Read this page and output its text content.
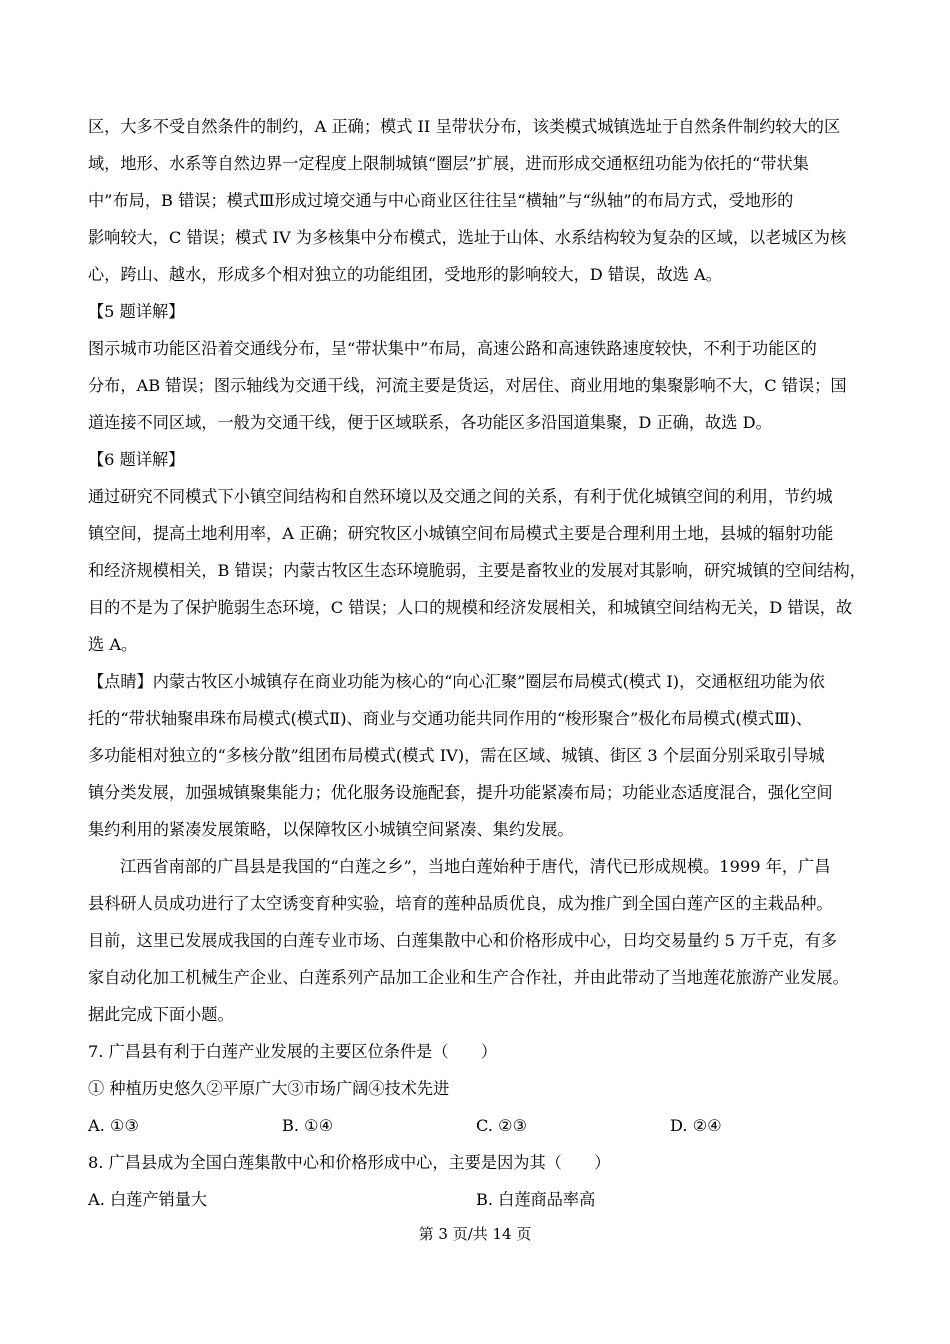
区，大多不受自然条件的制约，A 正确；模式 II 呈带状分布，该类模式城镇选址于自然条件制约较大的区
域，地形、水系等自然边界一定程度上限制城镇“圈层”扩展，进而形成交通枢纽功能为依托的“带状集
中”布局，B 错误；模式Ⅲ形成过境交通与中心商业区往往呈“横轴”与“纵轴”的布局方式，受地形的
影响较大，C 错误；模式 IV 为多核集中分布模式，选址于山体、水系结构较为复杂的区域，以老城区为核
心，跨山、越水，形成多个相对独立的功能组团，受地形的影响较大，D 错误，故选 A。
【5 题详解】
图示城市功能区沿着交通线分布，呈“带状集中”布局，高速公路和高速铁路速度较快，不利于功能区的
分布，AB 错误；图示轴线为交通干线，河流主要是货运，对居住、商业用地的集聚影响不大，C 错误；国
道连接不同区域，一般为交通干线，便于区域联系，各功能区多沿国道集聚，D 正确，故选 D。
【6 题详解】
通过研究不同模式下小镇空间结构和自然环境以及交通之间的关系，有利于优化城镇空间的利用，节约城
镇空间，提高土地利用率，A 正确；研究牧区小城镇空间布局模式主要是合理利用土地，县城的辐射功能
和经济规模相关，B 错误；内蒙古牧区生态环境脆弱，主要是畜牧业的发展对其影响，研究城镇的空间结构，
目的不是为了保护脆弱生态环境，C 错误；人口的规模和经济发展相关，和城镇空间结构无关，D 错误，故
选 A。
【点睛】内蒙古牧区小城镇存在商业功能为核心的“向心汇聚”圈层布局模式(模式 I)，交通枢纽功能为依
托的“带状轴聚串珠布局模式(模式Ⅱ)、商业与交通功能共同作用的“梭形聚合”极化布局模式(模式Ⅲ)、
多功能相对独立的“多核分散”组团布局模式(模式 IV)，需在区域、城镇、街区 3 个层面分别采取引导城
镇分类发展，加强城镇聚集能力；优化服务设施配套，提升功能紧凑布局；功能业态适度混合，强化空间
集约利用的紧凑发展策略，以保障牧区小城镇空间紧凑、集约发展。
江西省南部的广昌县是我国的“白莲之乡”，当地白莲始种于唐代，清代已形成规模。1999 年，广昌
县科研人员成功进行了太空诱变育种实验，培育的莲种品质优良，成为推广到全国白莲产区的主栽品种。
目前，这里已发展成我国的白莲专业市场、白莲集散中心和价格形成中心，日均交易量约 5 万千克，有多
家自动化加工机械生产企业、白莲系列产品加工企业和生产合作社，并由此带动了当地莲花旅游产业发展。
据此完成下面小题。
7. 广昌县有利于白莲产业发展的主要区位条件是（　　）
① 种植历史悠久②平原广大③市场广阔④技术先进
A. ①③	B. ①④	C. ②③	D. ②④
8. 广昌县成为全国白莲集散中心和价格形成中心，主要是因为其（　　）
A. 白莲产销量大	B. 白莲商品率高
第 3 页/共 14 页
